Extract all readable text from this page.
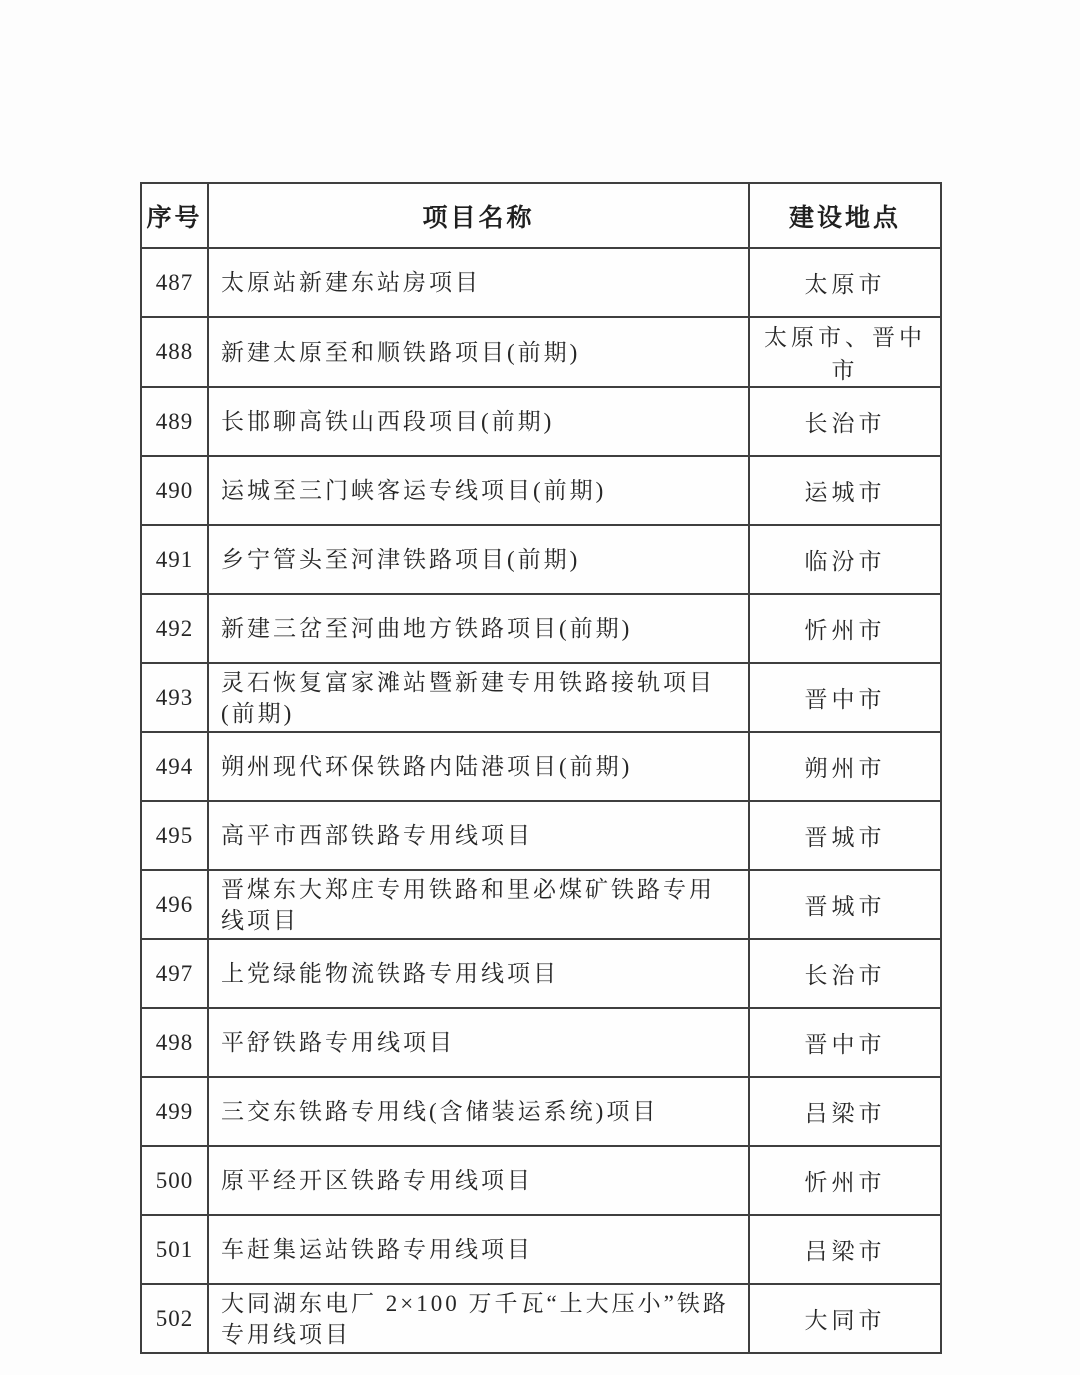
序号	项目名称	建设地点
487	太原站新建东站房项目	太原市
488	新建太原至和顺铁路项目(前期)	太原市、晋中市
489	长邯聊高铁山西段项目(前期)	长治市
490	运城至三门峡客运专线项目(前期)	运城市
491	乡宁管头至河津铁路项目(前期)	临汾市
492	新建三岔至河曲地方铁路项目(前期)	忻州市
493	灵石恢复富家滩站暨新建专用铁路接轨项目(前期)	晋中市
494	朔州现代环保铁路内陆港项目(前期)	朔州市
495	高平市西部铁路专用线项目	晋城市
496	晋煤东大郑庄专用铁路和里必煤矿铁路专用线项目	晋城市
497	上党绿能物流铁路专用线项目	长治市
498	平舒铁路专用线项目	晋中市
499	三交东铁路专用线(含储装运系统)项目	吕梁市
500	原平经开区铁路专用线项目	忻州市
501	车赶集运站铁路专用线项目	吕梁市
502	大同湖东电厂 2×100 万千瓦“上大压小”铁路专用线项目	大同市
